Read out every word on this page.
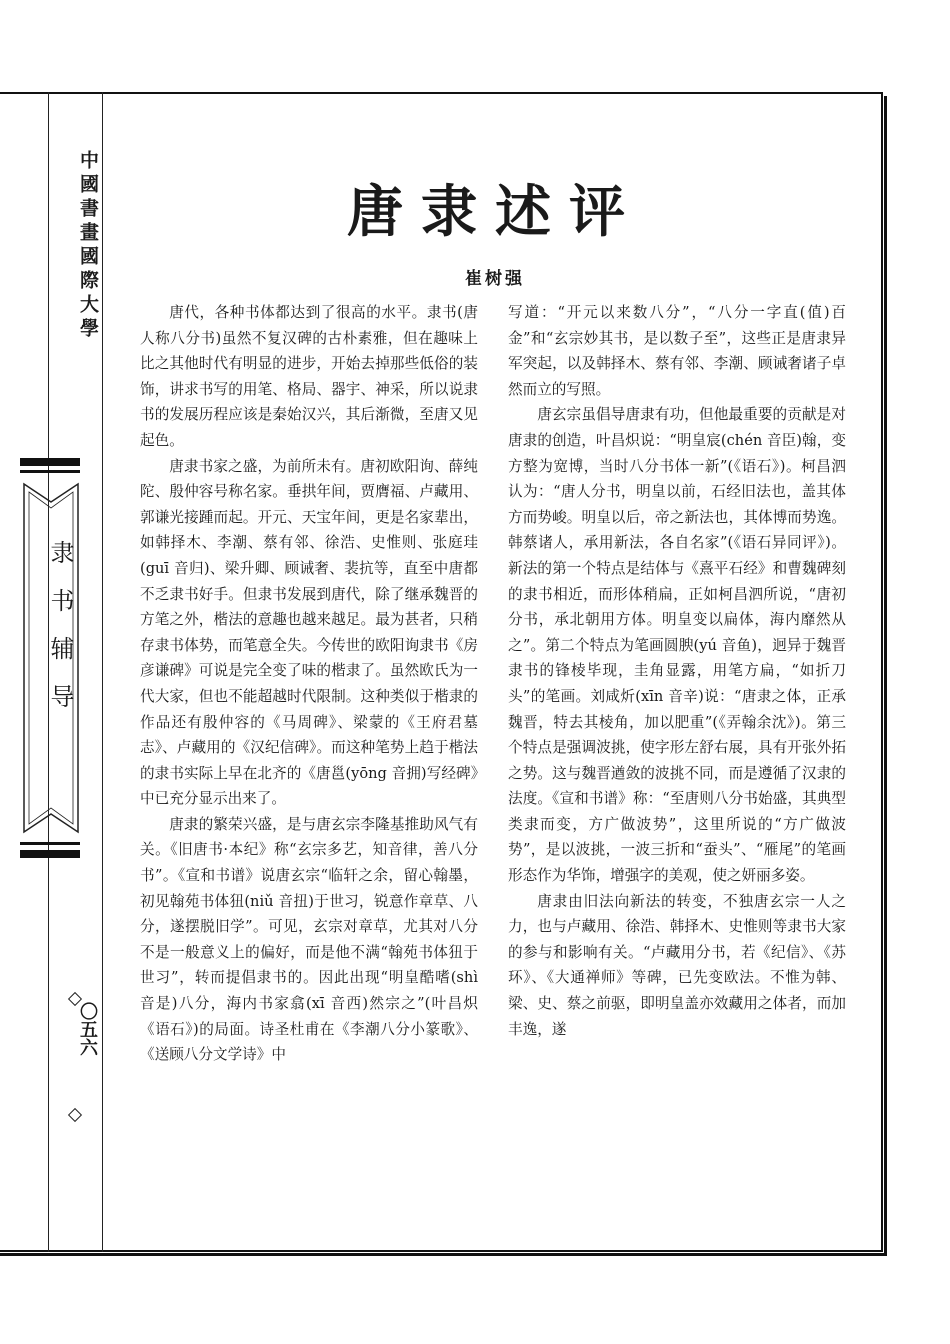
中國書畫國際大學
隶书辅导
〇五六
唐隶述评
崔树强

唐代，各种书体都达到了很高的水平。隶书(唐人称八分书)虽然不复汉碑的古朴素雅，但在趣味上比之其他时代有明显的进步，开始去掉那些低俗的装饰，讲求书写的用笔、格局、器宇、神采，所以说隶书的发展历程应该是秦始汉兴，其后渐微，至唐又见起色。

唐隶书家之盛，为前所未有。唐初欧阳询、薛纯陀、殷仲容号称名家。垂拱年间，贾膺福、卢藏用、郭谦光接踵而起。开元、天宝年间，更是名家辈出，如韩择木、李潮、蔡有邻、徐浩、史惟则、张庭珪(guī 音归)、梁升卿、顾诫奢、裴抗等，直至中唐都不乏隶书好手。但隶书发展到唐代，除了继承魏晋的方笔之外，楷法的意趣也越来越足。最为甚者，只稍存隶书体势，而笔意全失。今传世的欧阳询隶书《房彦谦碑》可说是完全变了味的楷隶了。虽然欧氏为一代大家，但也不能超越时代限制。这种类似于楷隶的作品还有殷仲容的《马周碑》、梁蒙的《王府君墓志》、卢藏用的《汉纪信碑》。而这种笔势上趋于楷法的隶书实际上早在北齐的《唐邕(yōng 音拥)写经碑》中已充分显示出来了。

唐隶的繁荣兴盛，是与唐玄宗李隆基推助风气有关。《旧唐书·本纪》称“玄宗多艺，知音律，善八分书”。《宣和书谱》说唐玄宗“临轩之余，留心翰墨，初见翰苑书体狃(niǔ 音扭)于世习，锐意作章草、八分，遂摆脱旧学”。可见，玄宗对章草，尤其对八分不是一般意义上的偏好，而是他不满“翰苑书体狃于世习”，转而提倡隶书的。因此出现“明皇酷嗜(shì 音是)八分，海内书家翕(xī 音西)然宗之”(叶昌炽《语石》)的局面。诗圣杜甫在《李潮八分小篆歌》、《送顾八分文学诗》中

写道：“开元以来数八分”，“八分一字直(值)百金”和“玄宗妙其书，是以数子至”，这些正是唐隶异军突起，以及韩择木、蔡有邻、李潮、顾诫奢诸子卓然而立的写照。

唐玄宗虽倡导唐隶有功，但他最重要的贡献是对唐隶的创造，叶昌炽说：“明皇宸(chén 音臣)翰，变方整为宽博，当时八分书体一新”(《语石》)。柯昌泗认为：“唐人分书，明皇以前，石经旧法也，盖其体方而势峻。明皇以后，帝之新法也，其体博而势逸。韩蔡诸人，承用新法，各自名家”(《语石异同评》)。新法的第一个特点是结体与《熹平石经》和曹魏碑刻的隶书相近，而形体稍扁，正如柯昌泗所说，“唐初分书，承北朝用方体。明皇变以扁体，海内靡然从之”。第二个特点为笔画圆腴(yú 音鱼)，迥异于魏晋隶书的锋棱毕现，圭角显露，用笔方扁，“如折刀头”的笔画。刘咸炘(xīn 音辛)说：“唐隶之体，正承魏晋，特去其棱角，加以肥重”(《弄翰余沈》)。第三个特点是强调波挑，使字形左舒右展，具有开张外拓之势。这与魏晋遒敛的波挑不同，而是遵循了汉隶的法度。《宣和书谱》称：“至唐则八分书始盛，其典型类隶而变，方广做波势”，这里所说的“方广做波势”，是以波挑，一波三折和“蚕头”、“雁尾”的笔画形态作为华饰，增强字的美观，使之妍丽多姿。

唐隶由旧法向新法的转变，不独唐玄宗一人之力，也与卢藏用、徐浩、韩择木、史惟则等隶书大家的参与和影响有关。“卢藏用分书，若《纪信》、《苏环》、《大通禅师》等碑，已先变欧法。不惟为韩、梁、史、蔡之前驱，即明皇盖亦效藏用之体者，而加丰逸，遂
